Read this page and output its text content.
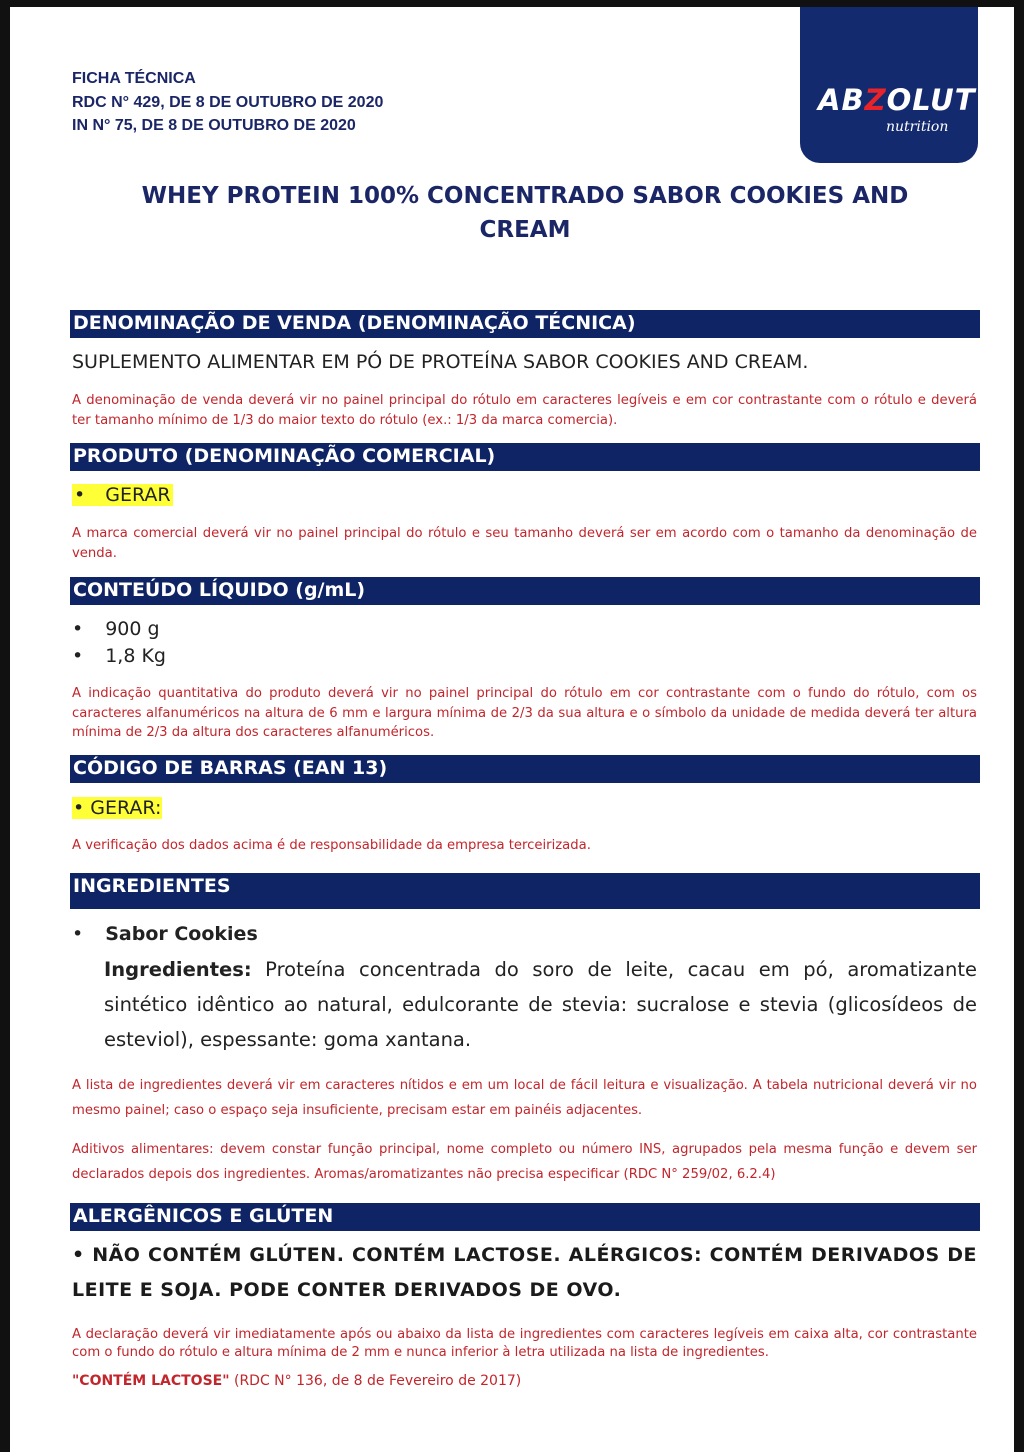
FICHA TÉCNICA
RDC N° 429, DE 8 DE OUTUBRO DE 2020
IN N° 75, DE 8 DE OUTUBRO DE 2020
ABZOLUT
nutrition
WHEY PROTEIN 100% CONCENTRADO SABOR COOKIES AND
CREAM
DENOMINAÇÃO DE VENDA (DENOMINAÇÃO TÉCNICA)
SUPLEMENTO ALIMENTAR EM PÓ DE PROTEÍNA SABOR COOKIES AND CREAM.
A denominação de venda deverá vir no painel principal do rótulo em caracteres legíveis e em cor contrastante com o rótulo e deverá ter tamanho mínimo de 1/3 do maior texto do rótulo (ex.: 1/3 da marca comercia).
PRODUTO (DENOMINAÇÃO COMERCIAL)
• GERAR
A marca comercial deverá vir no painel principal do rótulo e seu tamanho deverá ser em acordo com o tamanho da denominação de venda.
CONTEÚDO LÍQUIDO (g/mL)
• 900 g
• 1,8 Kg
A indicação quantitativa do produto deverá vir no painel principal do rótulo em cor contrastante com o fundo do rótulo, com os caracteres alfanuméricos na altura de 6 mm e largura mínima de 2/3 da sua altura e o símbolo da unidade de medida deverá ter altura mínima de 2/3 da altura dos caracteres alfanuméricos.
CÓDIGO DE BARRAS (EAN 13)
• GERAR:
A verificação dos dados acima é de responsabilidade da empresa terceirizada.
INGREDIENTES
• Sabor Cookies
Ingredientes: Proteína concentrada do soro de leite, cacau em pó, aromatizante sintético idêntico ao natural, edulcorante de stevia: sucralose e stevia (glicosídeos de esteviol), espessante: goma xantana.
A lista de ingredientes deverá vir em caracteres nítidos e em um local de fácil leitura e visualização. A tabela nutricional deverá vir no mesmo painel; caso o espaço seja insuficiente, precisam estar em painéis adjacentes.
Aditivos alimentares: devem constar função principal, nome completo ou número INS, agrupados pela mesma função e devem ser declarados depois dos ingredientes. Aromas/aromatizantes não precisa especificar (RDC N° 259/02, 6.2.4)
ALERGÊNICOS E GLÚTEN
• NÃO CONTÉM GLÚTEN. CONTÉM LACTOSE. ALÉRGICOS: CONTÉM DERIVADOS DE LEITE E SOJA. PODE CONTER DERIVADOS DE OVO.
A declaração deverá vir imediatamente após ou abaixo da lista de ingredientes com caracteres legíveis em caixa alta, cor contrastante com o fundo do rótulo e altura mínima de 2 mm e nunca inferior à letra utilizada na lista de ingredientes.
"CONTÉM LACTOSE" (RDC N° 136, de 8 de Fevereiro de 2017)
